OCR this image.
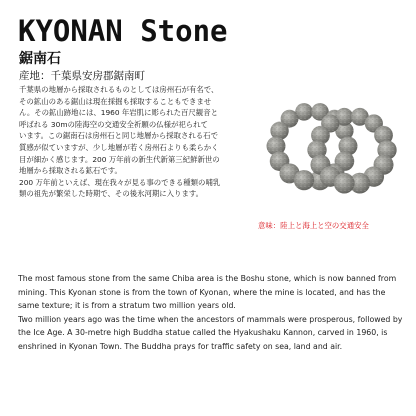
KYONAN Stone
鋸南石
産地：千葉県安房郡鋸南町

千葉県の地層から採取されるものとしては房州石が有名で、

その鉱山のある鋸山は現在採掘も採取することもできませ

ん。その鉱山跡地には、1960 年岩肌に彫られた百尺観音と

呼ばれる 30mの陸海空の交通安全祈願の仏様が祀られて

います。この鋸南石は房州石と同じ地層から採取される石で

質感が似ていますが、少し地層が若く房州石よりも柔らかく

目が細かく感じます。200 万年前の新生代新第三紀鮮新世の

地層から採取される鉱石です。

200 万年前といえば、現在我々が見る事のできる種類の哺乳

類の祖先が繁栄した時期で、その後氷河期に入ります。

意味：陸上と海上と空の交通安全

The most famous stone from the same Chiba area is the Boshu stone, which is now banned from mining. This Kyonan stone is from the town of Kyonan, where the mine is located, and has the same texture; it is from a stratum two million years old.

Two million years ago was the time when the ancestors of mammals were prosperous, followed by the Ice Age. A 30-metre high Buddha statue called the Hyakushaku Kannon, carved in 1960, is enshrined in Kyonan Town. The Buddha prays for traffic safety on sea, land and air.
